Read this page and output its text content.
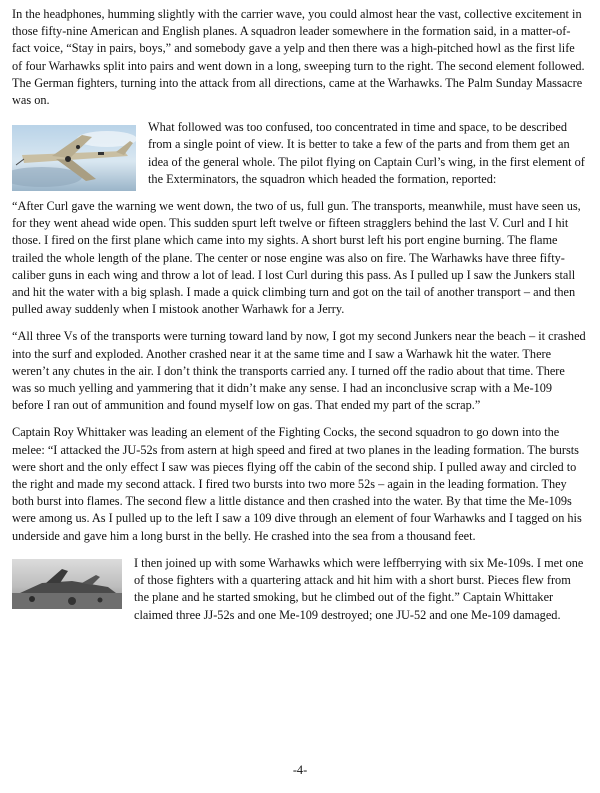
In the headphones, humming slightly with the carrier wave, you could almost hear the vast, collective excitement in those fifty-nine American and English planes. A squadron leader somewhere in the formation said, in a matter-of-fact voice, “Stay in pairs, boys,” and somebody gave a yelp and then there was a high-pitched howl as the first life of four Warhawks split into pairs and went down in a long, sweeping turn to the right. The second element followed. The German fighters, turning into the attack from all directions, came at the Warhawks. The Palm Sunday Massacre was on.

What followed was too confused, too concentrated in time and space, to be described from a single point of view. It is better to take a few of the parts and from them get an idea of the general whole. The pilot flying on Captain Curl’s wing, in the first element of the Exterminators, the squadron which headed the formation, reported:

“After Curl gave the warning we went down, the two of us, full gun. The transports, meanwhile, must have seen us, for they went ahead wide open. This sudden spurt left twelve or fifteen stragglers behind the last V. Curl and I hit those. I fired on the first plane which came into my sights. A short burst left his port engine burning. The flame trailed the whole length of the plane. The center or nose engine was also on fire. The Warhawks have three fifty-caliber guns in each wing and throw a lot of lead. I lost Curl during this pass. As I pulled up I saw the Junkers stall and hit the water with a big splash. I made a quick climbing turn and got on the tail of another transport – and then pulled away suddenly when I mistook another Warhawk for a Jerry.

“All three Vs of the transports were turning toward land by now, I got my second Junkers near the beach – it crashed into the surf and exploded. Another crashed near it at the same time and I saw a Warhawk hit the water. There weren’t any chutes in the air. I don’t think the transports carried any. I turned off the radio about that time. There was so much yelling and yammering that it didn’t make any sense. I had an inconclusive scrap with a Me-109 before I ran out of ammunition and found myself low on gas. That ended my part of the scrap.”

Captain Roy Whittaker was leading an element of the Fighting Cocks, the second squadron to go down into the melee: “I attacked the JU-52s from astern at high speed and fired at two planes in the leading formation. The bursts were short and the only effect I saw was pieces flying off the cabin of the second ship. I pulled away and circled to the right and made my second attack. I fired two bursts into two more 52s – again in the leading formation. They both burst into flames. The second flew a little distance and then crashed into the water. By that time the Me-109s were among us. As I pulled up to the left I saw a 109 dive through an element of four Warhawks and I tagged on his underside and gave him a long burst in the belly. He crashed into the sea from a thousand feet.

I then joined up with some Warhawks which were leffberrying with six Me-109s. I met one of those fighters with a quartering attack and hit him with a short burst. Pieces flew from the plane and he started smoking, but he climbed out of the fight.” Captain Whittaker claimed three JJ-52s and one Me-109 destroyed; one JU-52 and one Me-109 damaged.

-4-
